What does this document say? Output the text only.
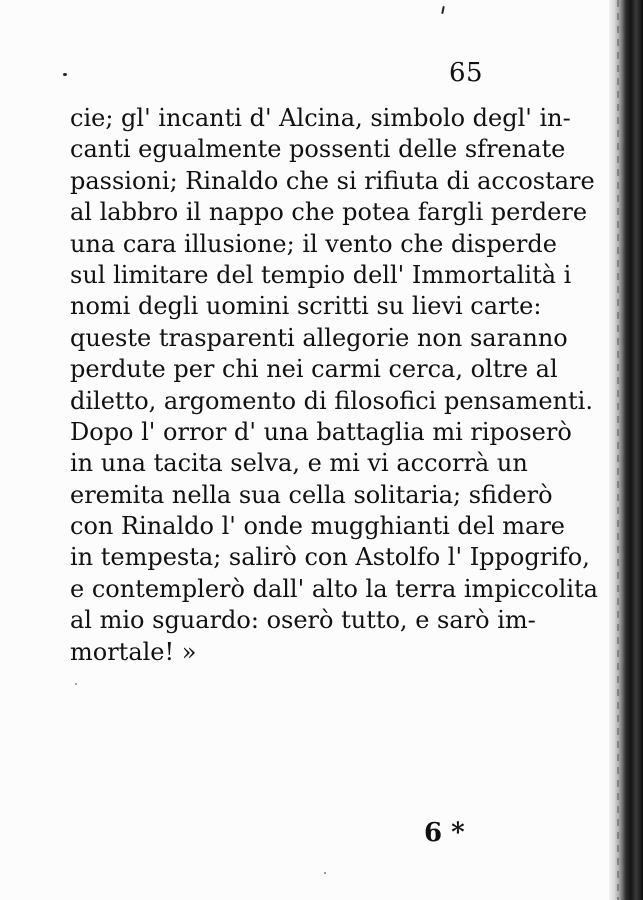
65
cie; gl' incanti d' Alcina, simbolo degl' in-
canti egualmente possenti delle sfrenate
passioni; Rinaldo che si rifiuta di accostare
al labbro il nappo che potea fargli perdere
una cara illusione; il vento che disperde
sul limitare del tempio dell' Immortalità i
nomi degli uomini scritti su lievi carte:
queste trasparenti allegorie non saranno
perdute per chi nei carmi cerca, oltre al
diletto, argomento di filosofici pensamenti.
Dopo l' orror d' una battaglia mi riposerò
in una tacita selva, e mi vi accorrà un
eremita nella sua cella solitaria; sfiderò
con Rinaldo l' onde mugghianti del mare
in tempesta; salirò con Astolfo l' Ippogrifo,
e contemplerò dall' alto la terra impiccolita
al mio sguardo: oserò tutto, e sarò im-
mortale! »
6 *
